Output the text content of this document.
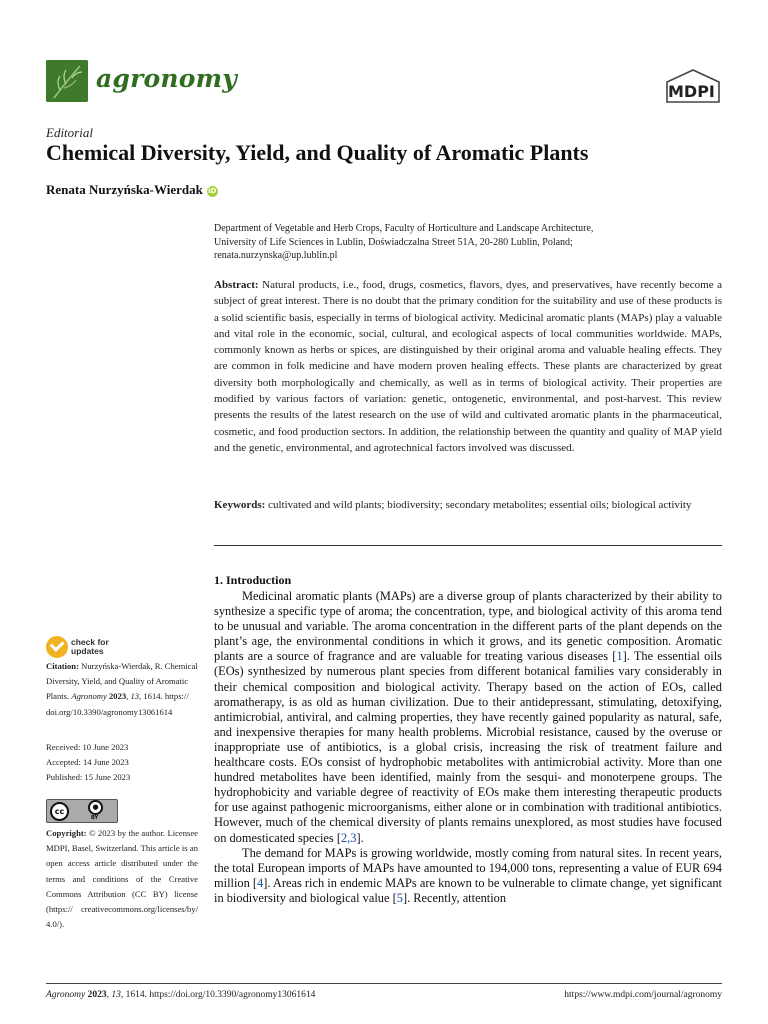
agronomy	MDPI
Editorial
Chemical Diversity, Yield, and Quality of Aromatic Plants
Renata Nurzyńska-Wierdak iD
Department of Vegetable and Herb Crops, Faculty of Horticulture and Landscape Architecture,
University of Life Sciences in Lublin, Doświadczalna Street 51A, 20-280 Lublin, Poland;
renata.nurzynska@up.lublin.pl
Abstract: Natural products, i.e., food, drugs, cosmetics, flavors, dyes, and preservatives, have recently become a subject of great interest. There is no doubt that the primary condition for the suitability and use of these products is a solid scientific basis, especially in terms of biological activity. Medicinal aromatic plants (MAPs) play a valuable and vital role in the economic, social, cultural, and ecological aspects of local communities worldwide. MAPs, commonly known as herbs or spices, are distinguished by their original aroma and valuable healing effects. They are common in folk medicine and have modern proven healing effects. These plants are characterized by great diversity both morphologically and chemically, as well as in terms of biological activity. Their properties are modified by various factors of variation: genetic, ontogenetic, environmental, and post-harvest. This review presents the results of the latest research on the use of wild and cultivated aromatic plants in the pharmaceutical, cosmetic, and food production sectors. In addition, the relationship between the quantity and quality of MAP yield and the genetic, environmental, and agrotechnical factors involved was discussed.
Keywords: cultivated and wild plants; biodiversity; secondary metabolites; essential oils; biological activity
1. Introduction

Medicinal aromatic plants (MAPs) are a diverse group of plants characterized by their ability to synthesize a specific type of aroma; the concentration, type, and biological activity of this aroma tend to be unusual and variable. The aroma concentration in the different parts of the plant depends on the plant’s age, the environmental conditions in which it grows, and its genetic composition. Aromatic plants are a source of fragrance and are valuable for treating various diseases [1]. The essential oils (EOs) synthesized by numerous plant species from different botanical families vary considerably in their chemical composition and biological activity. Therapy based on the action of EOs, called aromatherapy, is as old as human civilization. Due to their antidepressant, stimulating, detoxifying, antimicrobial, antiviral, and calming properties, they have recently gained popularity as natural, safe, and inexpensive therapies for many health problems. Microbial resistance, caused by the overuse or inappropriate use of antibiotics, is a global crisis, increasing the risk of treatment failure and healthcare costs. EOs consist of hydrophobic metabolites with antimicrobial activity. More than one hundred metabolites have been identified, mainly from the sesqui- and monoterpene groups. The hydrophobicity and variable degree of reactivity of EOs make them interesting therapeutic products for use against pathogenic microorganisms, either alone or in combination with traditional antibiotics. However, much of the chemical diversity of plants remains unexplored, as most studies have focused on domesticated species [2,3].

The demand for MAPs is growing worldwide, mostly coming from natural sites. In recent years, the total European imports of MAPs have amounted to 194,000 tons, representing a value of EUR 694 million [4]. Areas rich in endemic MAPs are known to be vulnerable to climate change, yet significant in biodiversity and biological value [5]. Recently, attention

check for
updates
Citation: Nurzyńska-Wierdak, R. Chemical Diversity, Yield, and Quality of Aromatic Plants. Agronomy 2023, 13, 1614. https:// doi.org/10.3390/agronomy13061614
Received: 10 June 2023
Accepted: 14 June 2023
Published: 15 June 2023
cc	●
BY
Copyright: © 2023 by the author. Licensee MDPI, Basel, Switzerland. This article is an open access article distributed under the terms and conditions of the Creative Commons Attribution (CC BY) license (https:// creativecommons.org/licenses/by/ 4.0/).
Agronomy 2023, 13, 1614. https://doi.org/10.3390/agronomy13061614	https://www.mdpi.com/journal/agronomy
